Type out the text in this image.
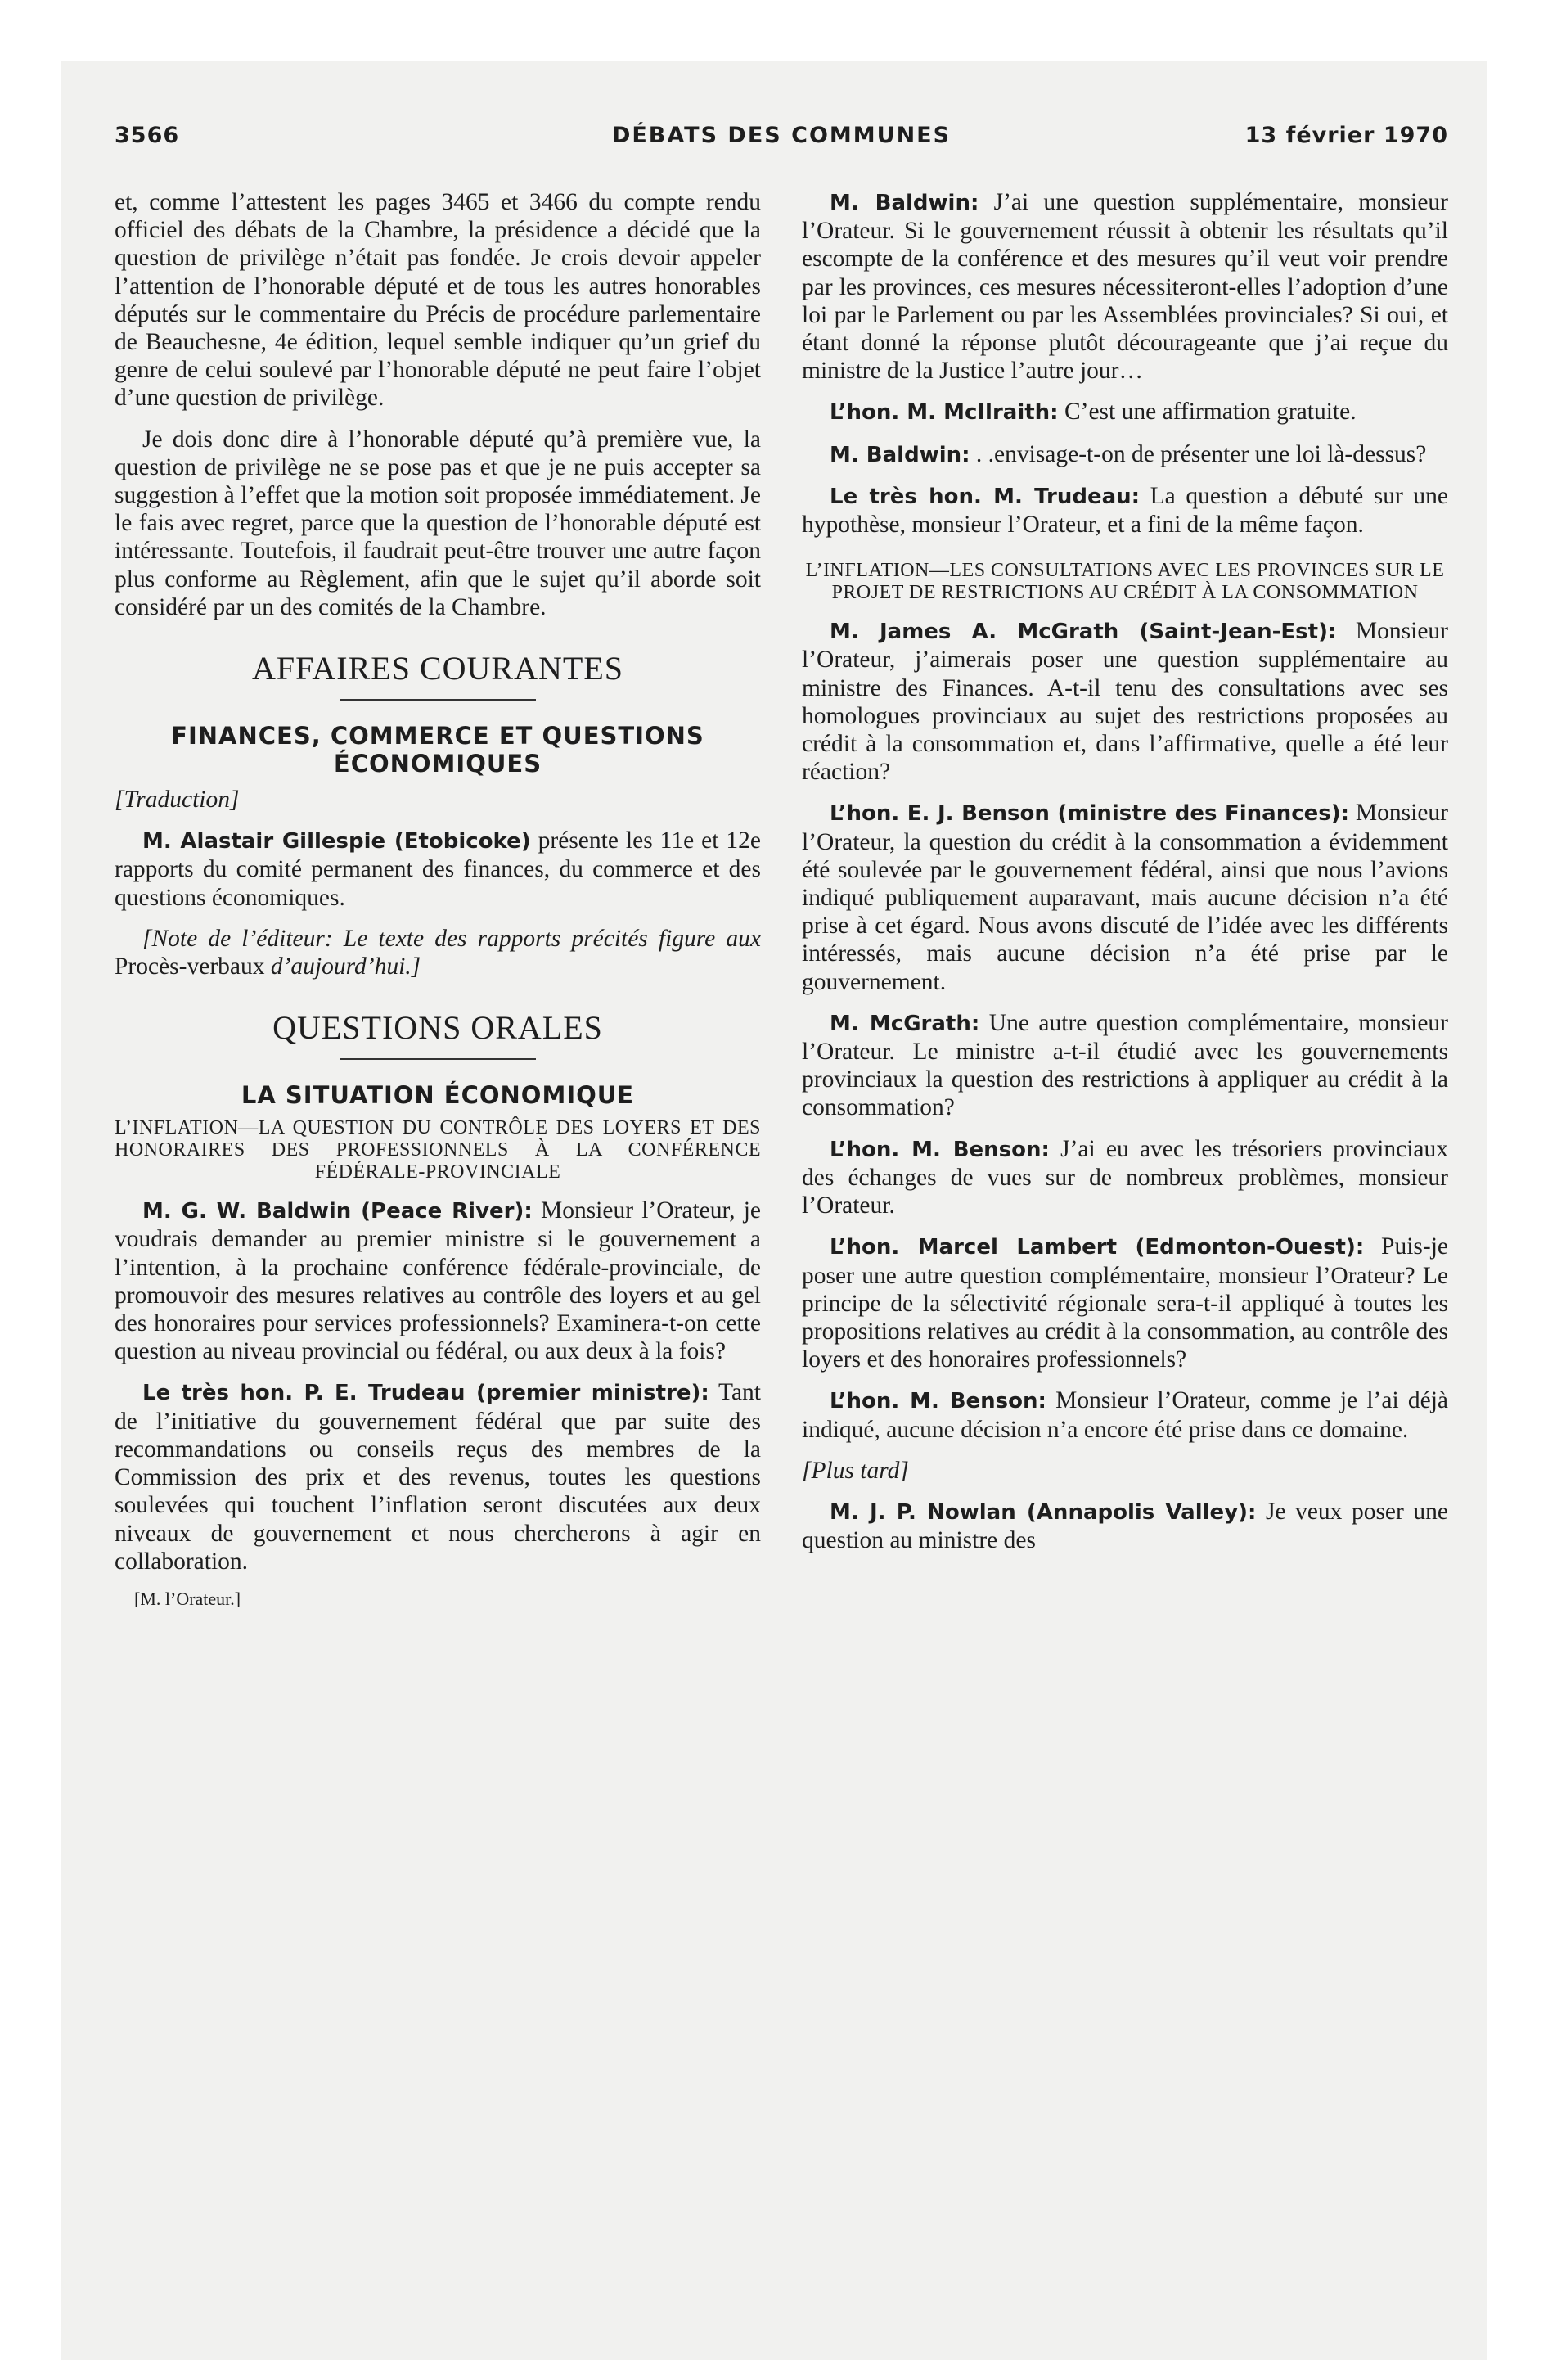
3566	DÉBATS DES COMMUNES	13 février 1970

et, comme l’attestent les pages 3465 et 3466 du compte rendu officiel des débats de la Chambre, la présidence a décidé que la question de privilège n’était pas fondée. Je crois devoir appeler l’attention de l’honorable député et de tous les autres honorables députés sur le commentaire du Précis de procédure parlementaire de Beauchesne, 4e édition, lequel semble indiquer qu’un grief du genre de celui soulevé par l’honorable député ne peut faire l’objet d’une question de privilège.

Je dois donc dire à l’honorable député qu’à première vue, la question de privilège ne se pose pas et que je ne puis accepter sa suggestion à l’effet que la motion soit proposée immédiatement. Je le fais avec regret, parce que la question de l’honorable député est intéressante. Toutefois, il faudrait peut-être trouver une autre façon plus conforme au Règlement, afin que le sujet qu’il aborde soit considéré par un des comités de la Chambre.

AFFAIRES COURANTES
FINANCES, COMMERCE ET QUESTIONS ÉCONOMIQUES

[Traduction]

M. Alastair Gillespie (Etobicoke) présente les 11e et 12e rapports du comité permanent des finances, du commerce et des questions économiques.

[Note de l’éditeur: Le texte des rapports précités figure aux Procès-verbaux d’aujourd’hui.]

QUESTIONS ORALES
LA SITUATION ÉCONOMIQUE
L’INFLATION—LA QUESTION DU CONTRÔLE DES LOYERS ET DES HONORAIRES DES PROFESSIONNELS À LA CONFÉRENCE FÉDÉRALE-PROVINCIALE

M. G. W. Baldwin (Peace River): Monsieur l’Orateur, je voudrais demander au premier ministre si le gouvernement a l’intention, à la prochaine conférence fédérale-provinciale, de promouvoir des mesures relatives au contrôle des loyers et au gel des honoraires pour services professionnels? Examinera-t-on cette question au niveau provincial ou fédéral, ou aux deux à la fois?

Le très hon. P. E. Trudeau (premier ministre): Tant de l’initiative du gouvernement fédéral que par suite des recommandations ou conseils reçus des membres de la Commission des prix et des revenus, toutes les questions soulevées qui touchent l’inflation seront discutées aux deux niveaux de gouvernement et nous chercherons à agir en collaboration.

[M. l’Orateur.]

M. Baldwin: J’ai une question supplémentaire, monsieur l’Orateur. Si le gouvernement réussit à obtenir les résultats qu’il escompte de la conférence et des mesures qu’il veut voir prendre par les provinces, ces mesures nécessiteront-elles l’adoption d’une loi par le Parlement ou par les Assemblées provinciales? Si oui, et étant donné la réponse plutôt décourageante que j’ai reçue du ministre de la Justice l’autre jour…

L’hon. M. McIlraith: C’est une affirmation gratuite.

M. Baldwin: . .envisage-t-on de présenter une loi là-dessus?

Le très hon. M. Trudeau: La question a débuté sur une hypothèse, monsieur l’Orateur, et a fini de la même façon.

L’INFLATION—LES CONSULTATIONS AVEC LES PROVINCES SUR LE PROJET DE RESTRICTIONS AU CRÉDIT À LA CONSOMMATION

M. James A. McGrath (Saint-Jean-Est): Monsieur l’Orateur, j’aimerais poser une question supplémentaire au ministre des Finances. A-t-il tenu des consultations avec ses homologues provinciaux au sujet des restrictions proposées au crédit à la consommation et, dans l’affirmative, quelle a été leur réaction?

L’hon. E. J. Benson (ministre des Finances): Monsieur l’Orateur, la question du crédit à la consommation a évidemment été soulevée par le gouvernement fédéral, ainsi que nous l’avions indiqué publiquement auparavant, mais aucune décision n’a été prise à cet égard. Nous avons discuté de l’idée avec les différents intéressés, mais aucune décision n’a été prise par le gouvernement.

M. McGrath: Une autre question complémentaire, monsieur l’Orateur. Le ministre a-t-il étudié avec les gouvernements provinciaux la question des restrictions à appliquer au crédit à la consommation?

L’hon. M. Benson: J’ai eu avec les trésoriers provinciaux des échanges de vues sur de nombreux problèmes, monsieur l’Orateur.

L’hon. Marcel Lambert (Edmonton-Ouest): Puis-je poser une autre question complémentaire, monsieur l’Orateur? Le principe de la sélectivité régionale sera-t-il appliqué à toutes les propositions relatives au crédit à la consommation, au contrôle des loyers et des honoraires professionnels?

L’hon. M. Benson: Monsieur l’Orateur, comme je l’ai déjà indiqué, aucune décision n’a encore été prise dans ce domaine.

[Plus tard]

M. J. P. Nowlan (Annapolis Valley): Je veux poser une question au ministre des
